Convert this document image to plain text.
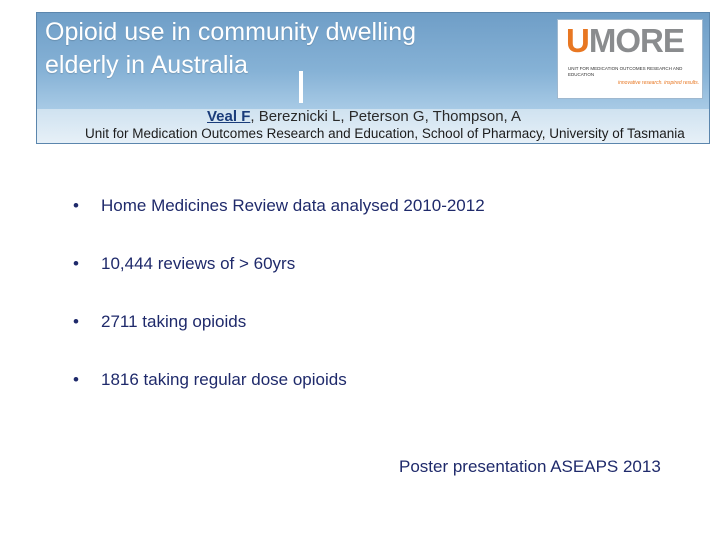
Opioid use in community dwelling
elderly in Australia
Veal F, Bereznicki L, Peterson G, Thompson, A
Unit for Medication Outcomes Research and Education, School of Pharmacy, University of Tasmania
UMORE
UNIT FOR MEDICATION OUTCOMES RESEARCH AND EDUCATION
innovative research. inspired results.
•	Home Medicines Review data analysed 2010-2012
•	10,444 reviews of > 60yrs
•	2711 taking opioids
•	1816 taking regular dose opioids
Poster presentation ASEAPS 2013
